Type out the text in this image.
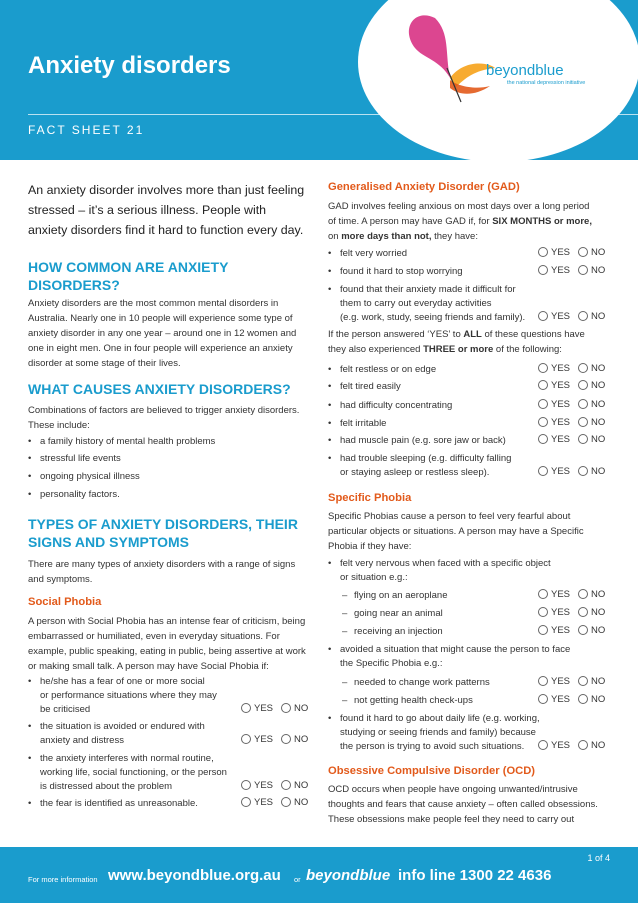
Anxiety disorders
FACT SHEET 21
beyondblue
the national depression initiative
An anxiety disorder involves more than just feeling stressed – it’s a serious illness. People with anxiety disorders find it hard to function every day.
HOW COMMON ARE ANXIETY DISORDERS?
Anxiety disorders are the most common mental disorders in Australia. Nearly one in 10 people will experience some type of anxiety disorder in any one year – around one in 12 women and one in eight men. One in four people will experience an anxiety disorder at some stage of their lives.
WHAT CAUSES ANXIETY DISORDERS?
Combinations of factors are believed to trigger anxiety disorders. These include:
• a family history of mental health problems
• stressful life events
• ongoing physical illness
• personality factors.
TYPES OF ANXIETY DISORDERS, THEIR SIGNS AND SYMPTOMS
There are many types of anxiety disorders with a range of signs and symptoms.
Social Phobia
A person with Social Phobia has an intense fear of criticism, being embarrassed or humiliated, even in everyday situations. For example, public speaking, eating in public, being assertive at work or making small talk. A person may have Social Phobia if:
• he/she has a fear of one or more social
or performance situations where they may
be criticised	YES NO
• the situation is avoided or endured with
anxiety and distress	YES NO
• the anxiety interferes with normal routine,
working life, social functioning, or the person
is distressed about the problem	YES NO
• the fear is identified as unreasonable.	YES NO
Generalised Anxiety Disorder (GAD)
GAD involves feeling anxious on most days over a long period
of time. A person may have GAD if, for SIX MONTHS or more,
on more days than not, they have:
• felt very worried	YES NO
• found it hard to stop worrying	YES NO
• found that their anxiety made it difficult for
them to carry out everyday activities
(e.g. work, study, seeing friends and family).	YES NO
If the person answered ‘YES’ to ALL of these questions have
they also experienced THREE or more of the following:
• felt restless or on edge	YES NO
• felt tired easily	YES NO
• had difficulty concentrating	YES NO
• felt irritable	YES NO
• had muscle pain (e.g. sore jaw or back)	YES NO
• had trouble sleeping (e.g. difficulty falling
or staying asleep or restless sleep).	YES NO
Specific Phobia
Specific Phobias cause a person to feel very fearful about particular objects or situations. A person may have a Specific Phobia if they have:
• felt very nervous when faced with a specific object
or situation e.g.:
– flying on an aeroplane	YES NO
– going near an animal	YES NO
– receiving an injection	YES NO
• avoided a situation that might cause the person to face
the Specific Phobia e.g.:
– needed to change work patterns	YES NO
– not getting health check-ups	YES NO
• found it hard to go about daily life (e.g. working,
studying or seeing friends and family) because
the person is trying to avoid such situations.	YES NO
Obsessive Compulsive Disorder (OCD)
OCD occurs when people have ongoing unwanted/intrusive
thoughts and fears that cause anxiety – often called obsessions.
These obsessions make people feel they need to carry out
1 of 4
For more information www.beyondblue.org.au or beyondblue info line 1300 22 4636
